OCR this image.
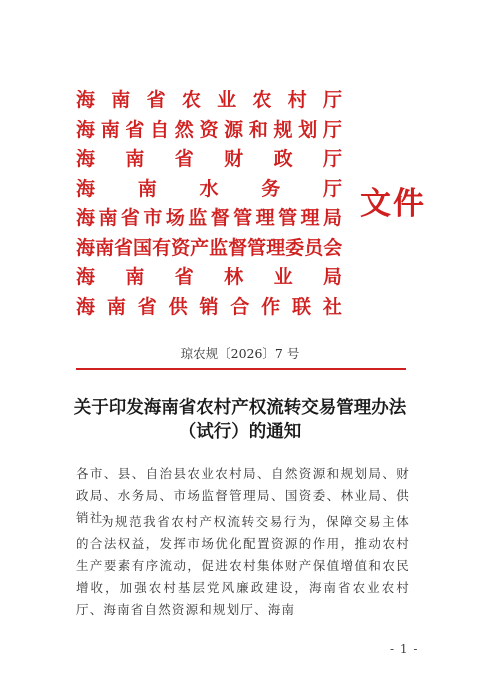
海 南 省 农 业 农 村 厅
海 南 省 自 然 资 源 和 规 划 厅
海 南 省 财 政 厅
海 南 水 务 厅
海 南 省 市 场 监 督 管 理 管 理 局
海 南 省 国 有 资 产 监 督 管 理 委 员 会
海 南 省 林 业 局
海 南 省 供 销 合 作 联 社
文件
琼农规〔2026〕7 号
关于印发海南省农村产权流转交易管理办法
（试行）的通知
各市、县、自治县农业农村局、自然资源和规划局、财政局、水务局、市场监督管理局、国资委、林业局、供销社：
为规范我省农村产权流转交易行为，保障交易主体的合法权益，发挥市场优化配置资源的作用，推动农村生产要素有序流动，促进农村集体财产保值增值和农民增收，加强农村基层党风廉政建设，海南省农业农村厅、海南省自然资源和规划厅、海南
- 1 -
